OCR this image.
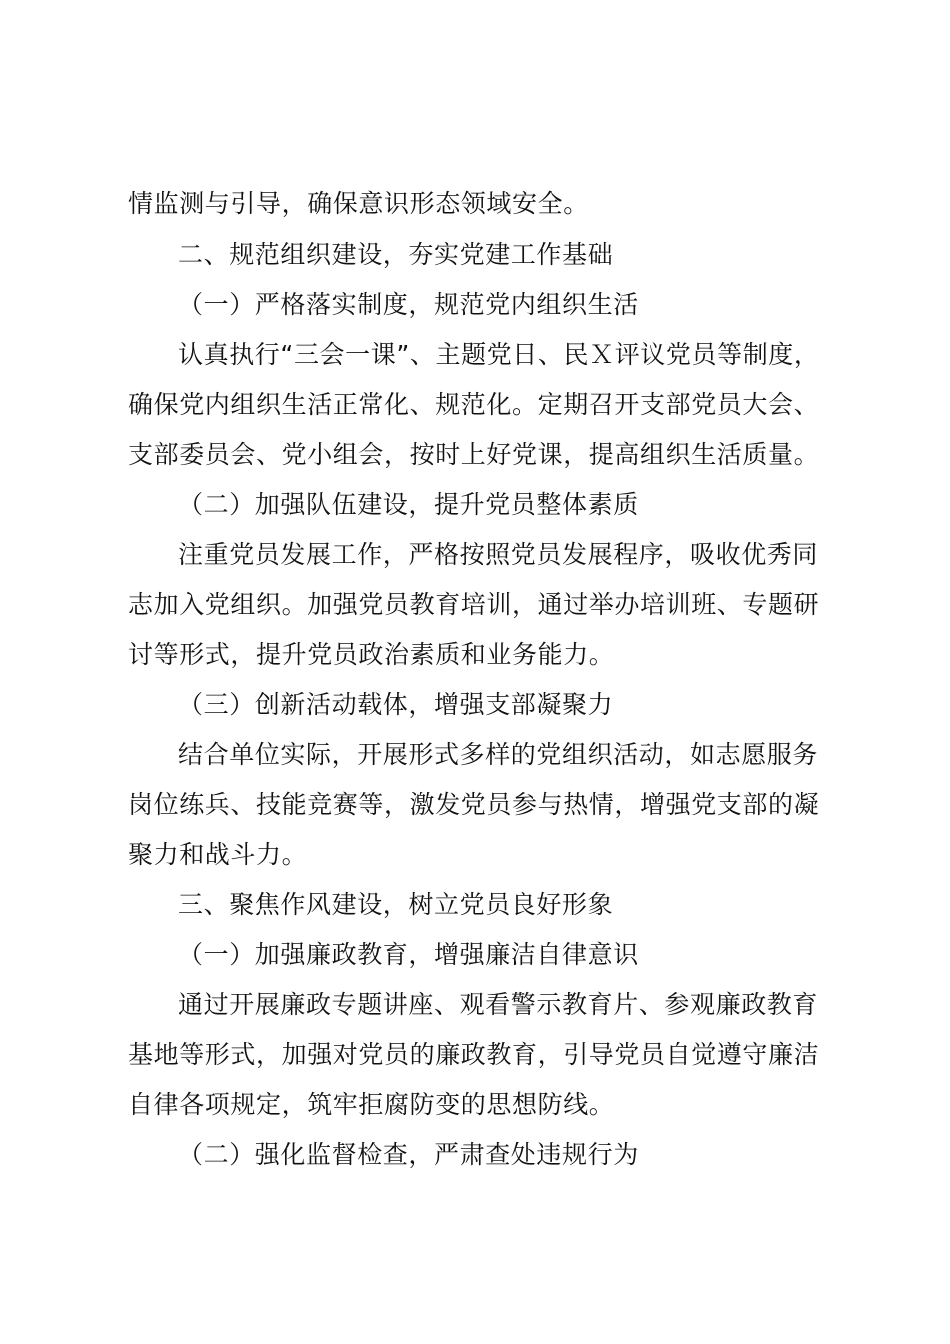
情监测与引导，确保意识形态领域安全。
二、规范组织建设，夯实党建工作基础
（一）严格落实制度，规范党内组织生活
认真执行“三会一课”、主题党日、民Ｘ评议党员等制度，
确保党内组织生活正常化、规范化。定期召开支部党员大会、
支部委员会、党小组会，按时上好党课，提高组织生活质量。
（二）加强队伍建设，提升党员整体素质
注重党员发展工作，严格按照党员发展程序，吸收优秀同
志加入党组织。加强党员教育培训，通过举办培训班、专题研
讨等形式，提升党员政治素质和业务能力。
（三）创新活动载体，增强支部凝聚力
结合单位实际，开展形式多样的党组织活动，如志愿服务
岗位练兵、技能竞赛等，激发党员参与热情，增强党支部的凝
聚力和战斗力。
三、聚焦作风建设，树立党员良好形象
（一）加强廉政教育，增强廉洁自律意识
通过开展廉政专题讲座、观看警示教育片、参观廉政教育
基地等形式，加强对党员的廉政教育，引导党员自觉遵守廉洁
自律各项规定，筑牢拒腐防变的思想防线。
（二）强化监督检查，严肃查处违规行为
